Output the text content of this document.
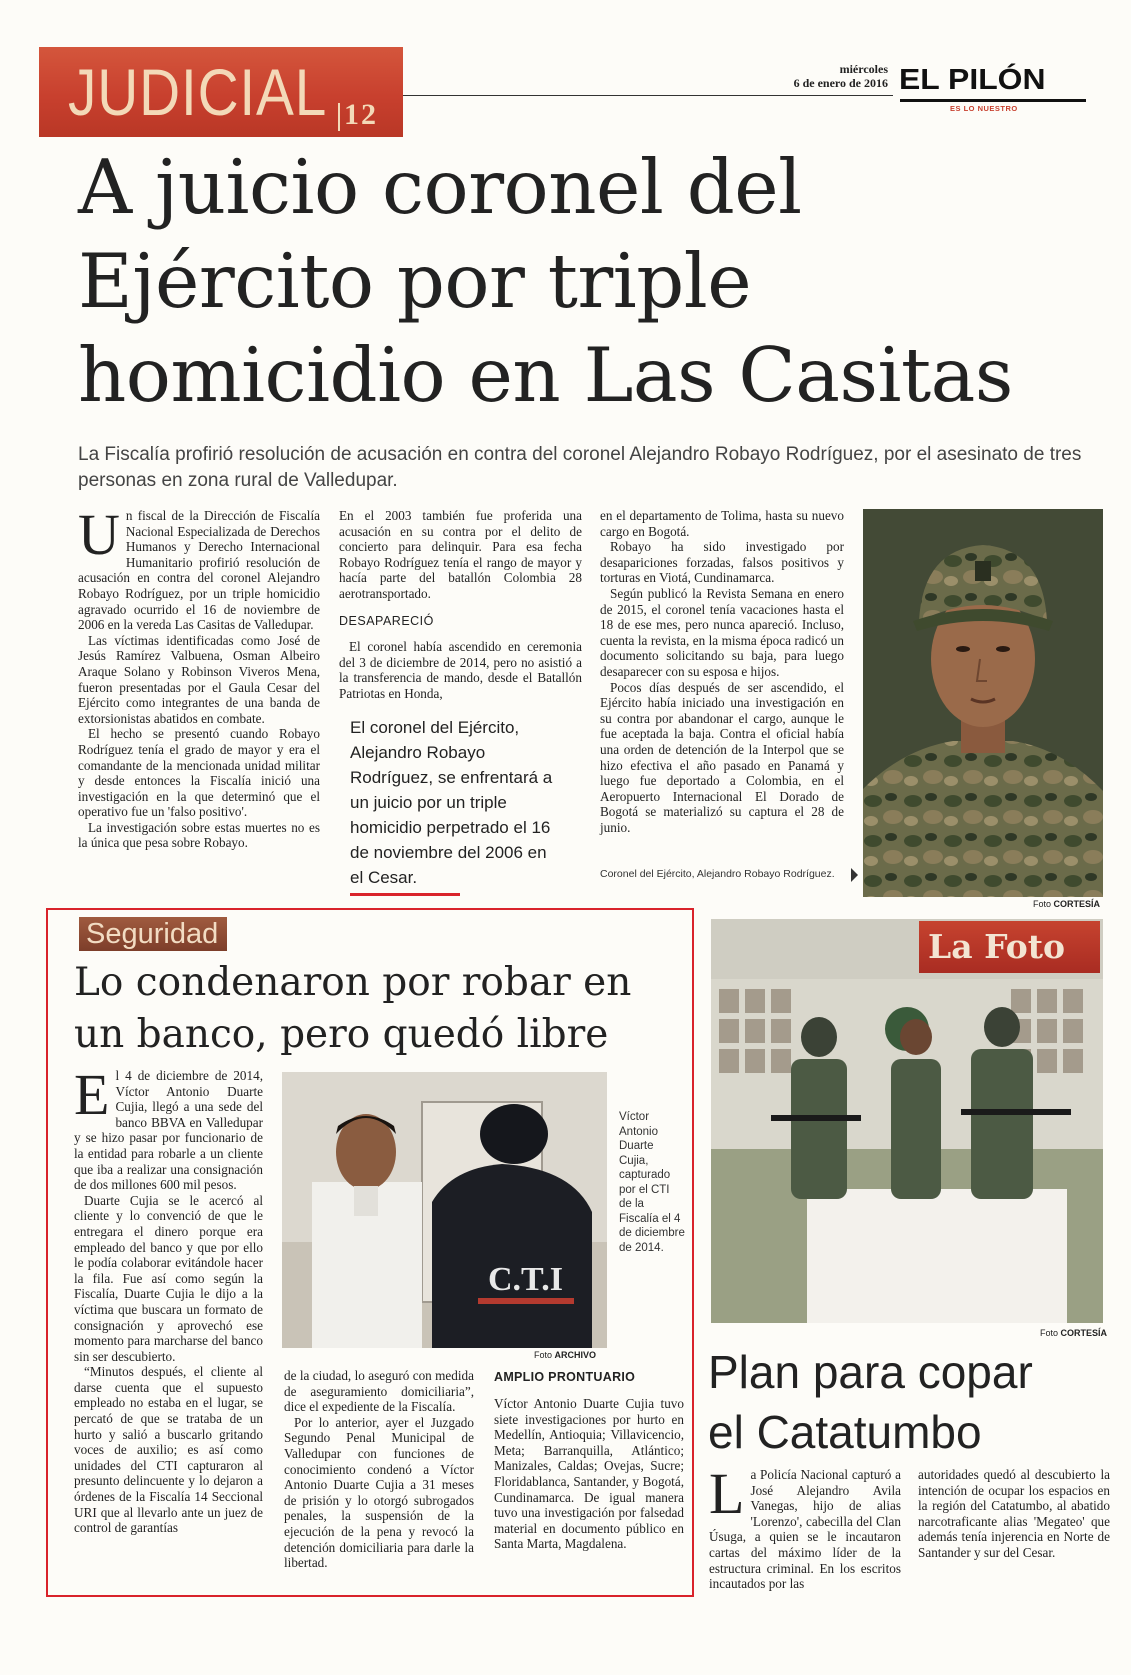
JUDICIAL 12
miércoles
6 de enero de 2016 EL PILÓN
ES LO NUESTRO
A juicio coronel del
Ejército por triple
homicidio en Las Casitas
La Fiscalía profirió resolución de acusación en contra del coronel Alejandro Robayo Rodríguez, por el asesinato de tres personas en zona rural de Valledupar.
U n fiscal de la Dirección de Fiscalía Nacional Especializada de Derechos Humanos y Derecho Internacional Humanitario profirió resolución de acusación en contra del coronel Alejandro Robayo Rodríguez, por un triple homicidio agravado ocurrido el 16 de noviembre de 2006 en la vereda Las Casitas de Valledupar.

Las víctimas identificadas como José de Jesús Ramírez Valbuena, Osman Albeiro Araque Solano y Robinson Viveros Mena, fueron presentadas por el Gaula Cesar del Ejército como integrantes de una banda de extorsionistas abatidos en combate.

El hecho se presentó cuando Robayo Rodríguez tenía el grado de mayor y era el comandante de la mencionada unidad militar y desde entonces la Fiscalía inició una investigación en la que determinó que el operativo fue un 'falso positivo'.

La investigación sobre estas muertes no es la única que pesa sobre Robayo.

En el 2003 también fue proferida una acusación en su contra por el delito de concierto para delinquir. Para esa fecha Robayo Rodríguez tenía el rango de mayor y hacía parte del batallón Colombia 28 aerotransportado.

DESAPARECIÓ

El coronel había ascendido en ceremonia del 3 de diciembre de 2014, pero no asistió a la transferencia de mando, desde el Batallón Patriotas en Honda,

El coronel del Ejército, Alejandro Robayo Rodríguez, se enfrentará a un juicio por un triple homicidio perpetrado el 16 de noviembre del 2006 en el Cesar.

en el departamento de Tolima, hasta su nuevo cargo en Bogotá.

Robayo ha sido investigado por desapariciones forzadas, falsos positivos y torturas en Viotá, Cundinamarca.

Según publicó la Revista Semana en enero de 2015, el coronel tenía vacaciones hasta el 18 de ese mes, pero nunca apareció. Incluso, cuenta la revista, en la misma época radicó un documento solicitando su baja, para luego desaparecer con su esposa e hijos.

Pocos días después de ser ascendido, el Ejército había iniciado una investigación en su contra por abandonar el cargo, aunque le fue aceptada la baja. Contra el oficial había una orden de detención de la Interpol que se hizo efectiva el año pasado en Panamá y luego fue deportado a Colombia, en el Aeropuerto Internacional El Dorado de Bogotá se materializó su captura el 28 de junio.

Coronel del Ejército, Alejandro Robayo Rodríguez.
Foto CORTESÍA
Seguridad
Lo condenaron por robar en
un banco, pero quedó libre
E l 4 de diciembre de 2014, Víctor Antonio Duarte Cujia, llegó a una sede del banco BBVA en Valledupar y se hizo pasar por funcionario de la entidad para robarle a un cliente que iba a realizar una consignación de dos millones 600 mil pesos.

Duarte Cujia se le acercó al cliente y lo convenció de que le entregara el dinero porque era empleado del banco y que por ello le podía colaborar evitándole hacer la fila. Fue así como según la Fiscalía, Duarte Cujia le dijo a la víctima que buscara un formato de consignación y aprovechó ese momento para marcharse del banco sin ser descubierto.

“Minutos después, el cliente al darse cuenta que el supuesto empleado no estaba en el lugar, se percató de que se trataba de un hurto y salió a buscarlo gritando voces de auxilio; es así como unidades del CTI capturaron al presunto delincuente y lo dejaron a órdenes de la Fiscalía 14 Seccional URI que al llevarlo ante un juez de control de garantías

C.T.I
Víctor Antonio Duarte Cujia, capturado por el CTI de la Fiscalía el 4 de diciembre de 2014.
Foto ARCHIVO

de la ciudad, lo aseguró con medida de aseguramiento domiciliaria”, dice el expediente de la Fiscalía.

Por lo anterior, ayer el Juzgado Segundo Penal Municipal de Valledupar con funciones de conocimiento condenó a Víctor Antonio Duarte Cujia a 31 meses de prisión y lo otorgó subrogados penales, la suspensión de la ejecución de la pena y revocó la detención domiciliaria para darle la libertad.

AMPLIO PRONTUARIO

Víctor Antonio Duarte Cujia tuvo siete investigaciones por hurto en Medellín, Antioquia; Villavicencio, Meta; Barranquilla, Atlántico; Manizales, Caldas; Ovejas, Sucre; Floridablanca, Santander, y Bogotá, Cundinamarca. De igual manera tuvo una investigación por falsedad material en documento público en Santa Marta, Magdalena.

La Foto
Foto CORTESÍA
Plan para copar
el Catatumbo
L a Policía Nacional capturó a José Alejandro Avila Vanegas, hijo de alias 'Lorenzo', cabecilla del Clan Úsuga, a quien se le incautaron cartas del máximo líder de la estructura criminal. En los escritos incautados por las

autoridades quedó al descubierto la intención de ocupar los espacios en la región del Catatumbo, al abatido narcotraficante alias 'Megateo' que además tenía injerencia en Norte de Santander y sur del Cesar.
